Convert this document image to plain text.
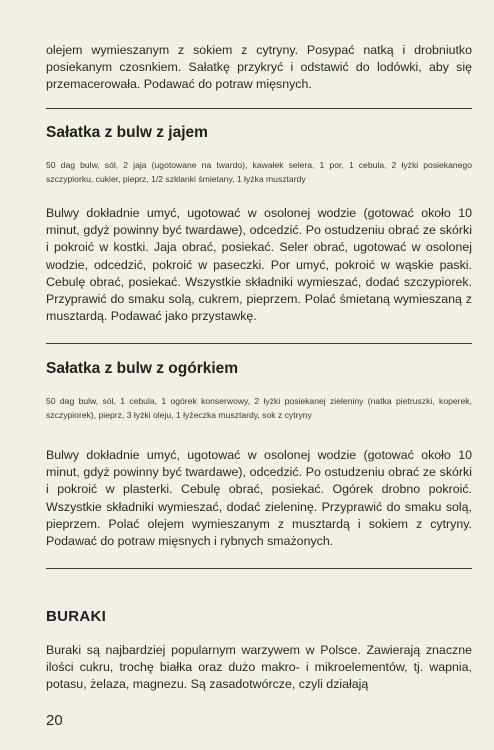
olejem wymieszanym z sokiem z cytryny. Posypać natką i drobniutko posiekanym czosnkiem. Sałatkę przykryć i odstawić do lodówki, aby się przemacerowała. Podawać do potraw mięsnych.
Sałatka z bulw z jajem
50 dag bulw, sól, 2 jaja (ugotowane na twardo), kawałek selera, 1 por, 1 cebula, 2 łyżki posiekanego szczypiorku, cukier, pieprz, 1/2 szklanki śmietany, 1 łyżka musztardy
Bulwy dokładnie umyć, ugotować w osolonej wodzie (gotować około 10 minut, gdyż powinny być twardawe), odcedzić. Po ostudzeniu obrać ze skórki i pokroić w kostki. Jaja obrać, posiekać. Seler obrać, ugotować w osolonej wodzie, odcedzić, pokroić w paseczki. Por umyć, pokroić w wąskie paski. Cebulę obrać, posiekać. Wszystkie składniki wymieszać, dodać szczypiorek. Przyprawić do smaku solą, cukrem, pieprzem. Polać śmietaną wymieszaną z musztardą. Podawać jako przystawkę.
Sałatka z bulw z ogórkiem
50 dag bulw, sól, 1 cebula, 1 ogórek konserwowy, 2 łyżki posiekanej zieleniny (natka pietruszki, koperek, szczypiorek), pieprz, 3 łyżki oleju, 1 łyżeczka musztardy, sok z cytryny
Bulwy dokładnie umyć, ugotować w osolonej wodzie (gotować około 10 minut, gdyż powinny być twardawe), odcedzić. Po ostudzeniu obrać ze skórki i pokroić w plasterki. Cebulę obrać, posiekać. Ogórek drobno pokroić. Wszystkie składniki wymieszać, dodać zieleninę. Przyprawić do smaku solą, pieprzem. Polać olejem wymieszanym z musztardą i sokiem z cytryny. Podawać do potraw mięsnych i rybnych smażonych.
BURAKI
Buraki są najbardziej popularnym warzywem w Polsce. Zawierają znaczne ilości cukru, trochę białka oraz dużo makro- i mikroelementów, tj. wapnia, potasu, żelaza, magnezu. Są zasadotwórcze, czyli działają
20
